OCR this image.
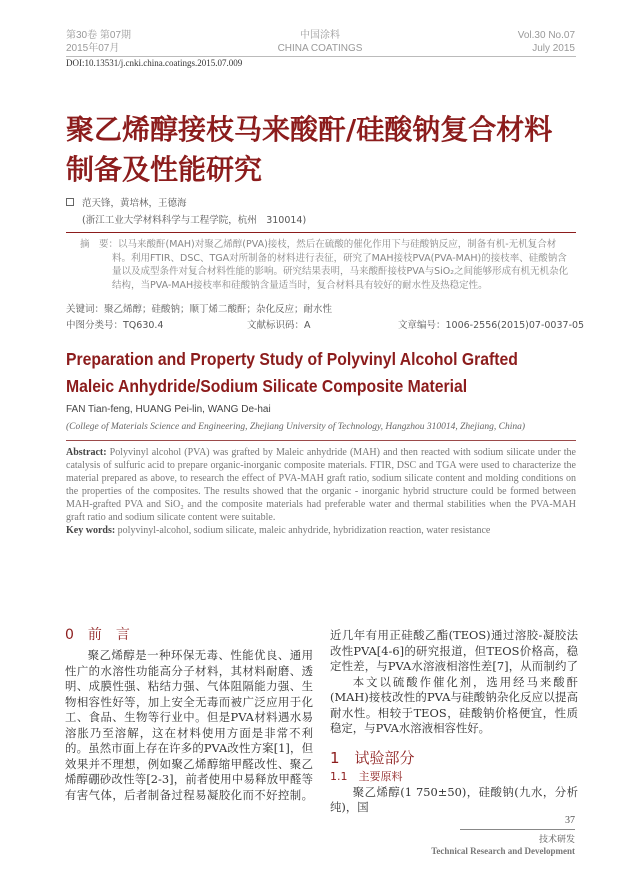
第30卷 第07期
2015年07月
中国涂料
CHINA COATINGS
Vol.30 No.07
July 2015
DOI:10.13531/j.cnki.china.coatings.2015.07.009
聚乙烯醇接枝马来酸酐/硅酸钠复合材料
制备及性能研究
范天锋，黄培林，王德海
(浙江工业大学材料科学与工程学院，杭州　310014)
摘　要：以马来酸酐(MAH)对聚乙烯醇(PVA)接枝，然后在硫酸的催化作用下与硅酸钠反应，制备有机-无机复合材料。利用FTIR、DSC、TGA对所制备的材料进行表征，研究了MAH接枝PVA(PVA-MAH)的接枝率、硅酸钠含量以及成型条件对复合材料性能的影响。研究结果表明，马来酸酐接枝PVA与SiO₂之间能够形成有机无机杂化结构，当PVA-MAH接枝率和硅酸钠含量适当时，复合材料具有较好的耐水性及热稳定性。
关键词：聚乙烯醇；硅酸钠；顺丁烯二酸酐；杂化反应；耐水性
中图分类号：TQ630.4	文献标识码：A	文章编号：1006-2556(2015)07-0037-05
Preparation and Property Study of Polyvinyl Alcohol Grafted
Maleic Anhydride/Sodium Silicate Composite Material
FAN Tian-feng, HUANG Pei-lin, WANG De-hai
(College of Materials Science and Engineering, Zhejiang University of Technology, Hangzhou 310014, Zhejiang, China)
Abstract: Polyvinyl alcohol (PVA) was grafted by Maleic anhydride (MAH) and then reacted with sodium silicate under the catalysis of sulfuric acid to prepare organic-inorganic composite materials. FTIR, DSC and TGA were used to characterize the material prepared as above, to research the effect of PVA-MAH graft ratio, sodium silicate content and molding conditions on the properties of the composites. The results showed that the organic - inorganic hybrid structure could be formed between MAH-grafted PVA and SiO₂ and the composite materials had preferable water and thermal stabilities when the PVA-MAH graft ratio and sodium silicate content were suitable.
Key words: polyvinyl-alcohol, sodium silicate, maleic anhydride, hybridization reaction, water resistance
0　前　言
聚乙烯醇是一种环保无毒、性能优良、通用性广的水溶性功能高分子材料，其材料耐磨、透明、成膜性强、粘结力强、气体阻隔能力强、生物相容性好等，加上安全无毒而被广泛应用于化工、食品、生物等行业中。但是PVA材料遇水易溶胀乃至溶解，这在材料使用方面是非常不利的。虽然市面上存在许多的PVA改性方案[1]，但效果并不理想，例如聚乙烯醇缩甲醛改性、聚乙烯醇硼砂改性等[2-3]，前者使用中易释放甲醛等有害气体，后者制备过程易凝胶化而不好控制。
近几年有用正硅酸乙酯(TEOS)通过溶胶-凝胶法改性PVA[4-6]的研究报道，但TEOS价格高，稳定性差，与PVA水溶液相溶性差[7]，从而制约了
本文以硫酸作催化剂，选用经马来酸酐(MAH)接枝改性的PVA与硅酸钠杂化反应以提高耐水性。相较于TEOS，硅酸钠价格便宜，性质稳定，与PVA水溶液相容性好。
1　试验部分
1.1　主要原料
聚乙烯醇(1 750±50)，硅酸钠(九水，分析纯)，国
37
技术研发
Technical Research and Development
